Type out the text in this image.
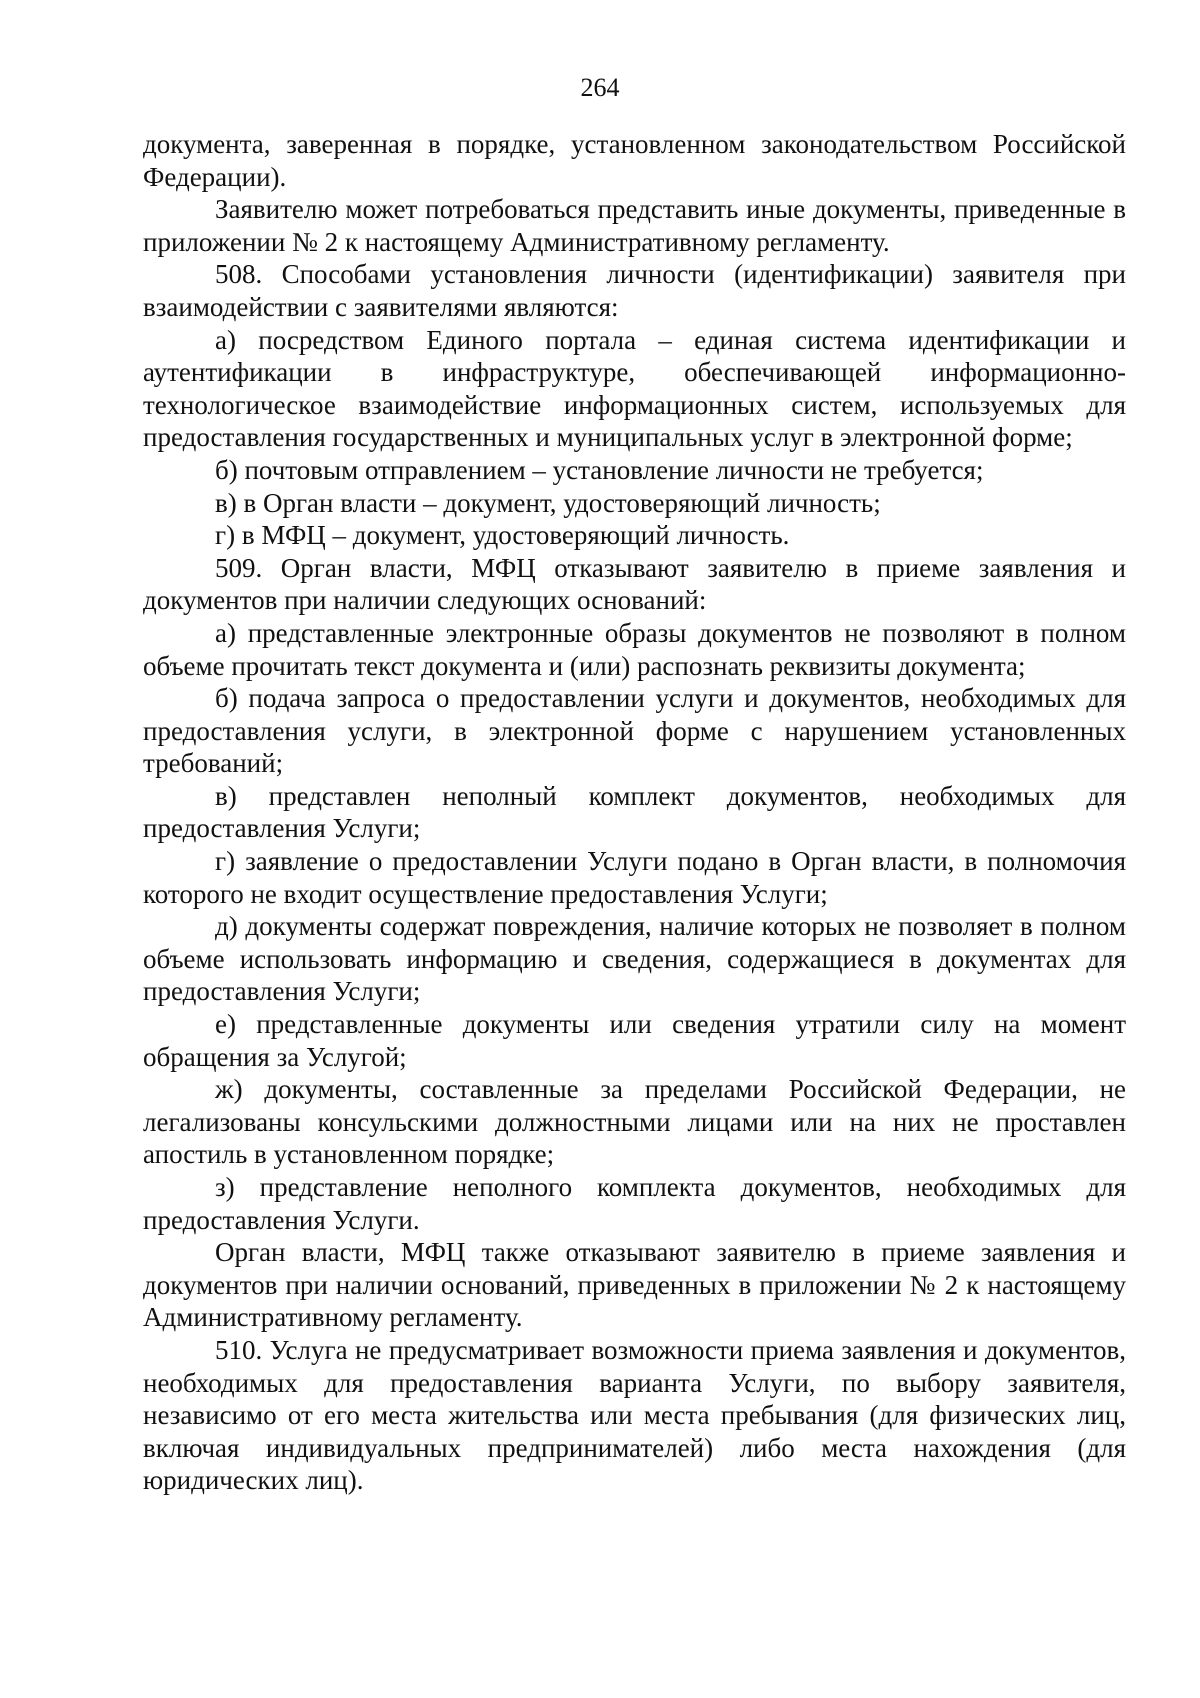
264

документа, заверенная в порядке, установленном законодательством Российской Федерации).

Заявителю может потребоваться представить иные документы, приведенные в приложении № 2 к настоящему Административному регламенту.

508. Способами установления личности (идентификации) заявителя при взаимодействии с заявителями являются:

а) посредством Единого портала – единая система идентификации и аутентификации в инфраструктуре, обеспечивающей информационно-технологическое взаимодействие информационных систем, используемых для предоставления государственных и муниципальных услуг в электронной форме;

б) почтовым отправлением – установление личности не требуется;

в) в Орган власти – документ, удостоверяющий личность;

г) в МФЦ – документ, удостоверяющий личность.

509. Орган власти, МФЦ отказывают заявителю в приеме заявления и документов при наличии следующих оснований:

а) представленные электронные образы документов не позволяют в полном объеме прочитать текст документа и (или) распознать реквизиты документа;

б) подача запроса о предоставлении услуги и документов, необходимых для предоставления услуги, в электронной форме с нарушением установленных требований;

в) представлен неполный комплект документов, необходимых для предоставления Услуги;

г) заявление о предоставлении Услуги подано в Орган власти, в полномочия которого не входит осуществление предоставления Услуги;

д) документы содержат повреждения, наличие которых не позволяет в полном объеме использовать информацию и сведения, содержащиеся в документах для предоставления Услуги;

е) представленные документы или сведения утратили силу на момент обращения за Услугой;

ж) документы, составленные за пределами Российской Федерации, не легализованы консульскими должностными лицами или на них не проставлен апостиль в установленном порядке;

з) представление неполного комплекта документов, необходимых для предоставления Услуги.

Орган власти, МФЦ также отказывают заявителю в приеме заявления и документов при наличии оснований, приведенных в приложении № 2 к настоящему Административному регламенту.

510. Услуга не предусматривает возможности приема заявления и документов, необходимых для предоставления варианта Услуги, по выбору заявителя, независимо от его места жительства или места пребывания (для физических лиц, включая индивидуальных предпринимателей) либо места нахождения (для юридических лиц).
